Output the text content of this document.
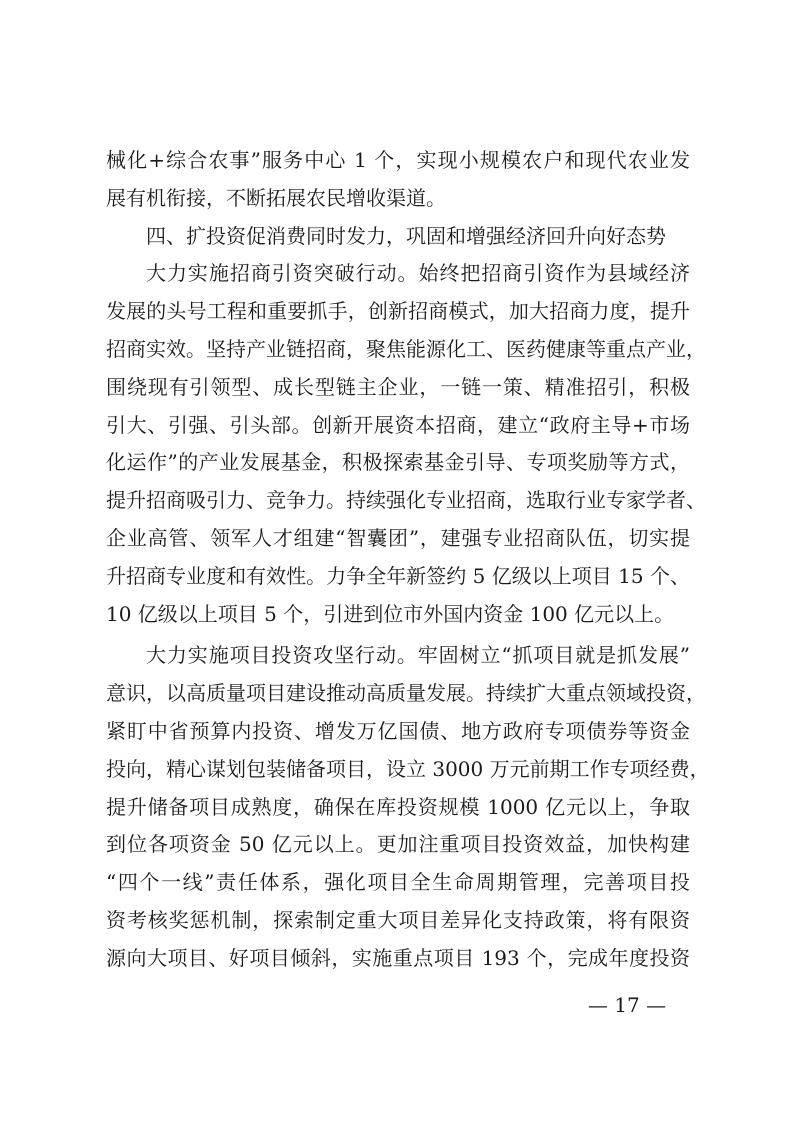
械化+综合农事”服务中心 1 个，实现小规模农户和现代农业发
展有机衔接，不断拓展农民增收渠道。
四、扩投资促消费同时发力，巩固和增强经济回升向好态势
大力实施招商引资突破行动。始终把招商引资作为县域经济
发展的头号工程和重要抓手，创新招商模式，加大招商力度，提升
招商实效。坚持产业链招商，聚焦能源化工、医药健康等重点产业，
围绕现有引领型、成长型链主企业，一链一策、精准招引，积极
引大、引强、引头部。创新开展资本招商，建立“政府主导+市场
化运作”的产业发展基金，积极探索基金引导、专项奖励等方式，
提升招商吸引力、竞争力。持续强化专业招商，选取行业专家学者、
企业高管、领军人才组建“智囊团”，建强专业招商队伍，切实提
升招商专业度和有效性。力争全年新签约 5 亿级以上项目 15 个、
10 亿级以上项目 5 个，引进到位市外国内资金 100 亿元以上。
大力实施项目投资攻坚行动。牢固树立“抓项目就是抓发展”
意识，以高质量项目建设推动高质量发展。持续扩大重点领域投资，
紧盯中省预算内投资、增发万亿国债、地方政府专项债券等资金
投向，精心谋划包装储备项目，设立 3000 万元前期工作专项经费，
提升储备项目成熟度，确保在库投资规模 1000 亿元以上，争取
到位各项资金 50 亿元以上。更加注重项目投资效益，加快构建
“四个一线”责任体系，强化项目全生命周期管理，完善项目投
资考核奖惩机制，探索制定重大项目差异化支持政策，将有限资
源向大项目、好项目倾斜，实施重点项目 193 个，完成年度投资
— 17 —
